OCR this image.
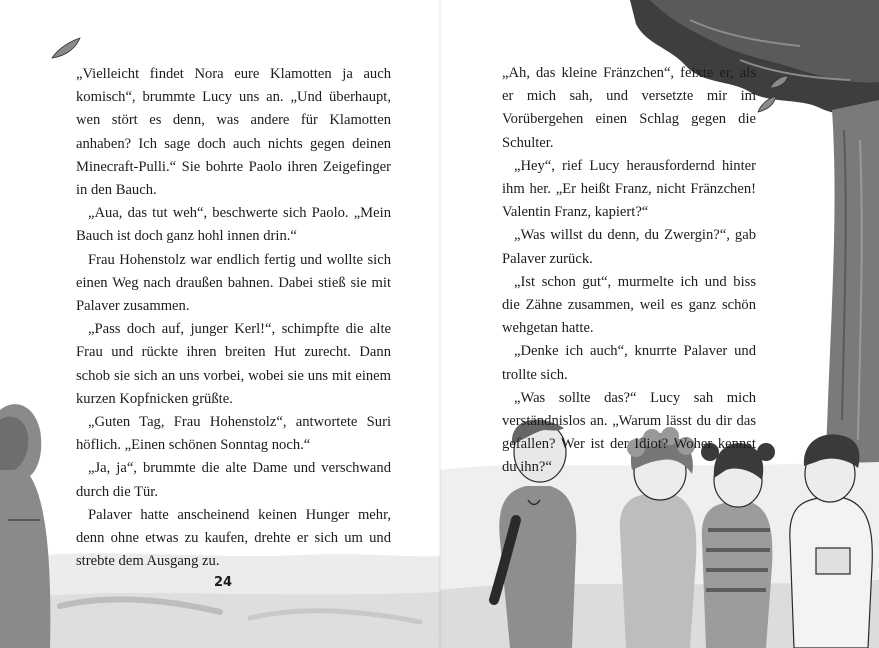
„Vielleicht findet Nora eure Klamotten ja auch komisch“, brummte Lucy uns an. „Und überhaupt, wen stört es denn, was andere für Klamotten anhaben? Ich sage doch auch nichts gegen deinen Minecraft-Pulli.“ Sie bohrte Paolo ihren Zeigefinger in den Bauch.

„Aua, das tut weh“, beschwerte sich Paolo. „Mein Bauch ist doch ganz hohl innen drin.“

Frau Hohenstolz war endlich fertig und wollte sich einen Weg nach draußen bahnen. Dabei stieß sie mit Palaver zusammen.

„Pass doch auf, junger Kerl!“, schimpfte die alte Frau und rückte ihren breiten Hut zurecht. Dann schob sie sich an uns vorbei, wobei sie uns mit einem kurzen Kopfnicken grüßte.

„Guten Tag, Frau Hohenstolz“, antwortete Suri höflich. „Einen schönen Sonntag noch.“

„Ja, ja“, brummte die alte Dame und verschwand durch die Tür.

Palaver hatte anscheinend keinen Hunger mehr, denn ohne etwas zu kaufen, drehte er sich um und strebte dem Ausgang zu.

24

„Ah, das kleine Fränzchen“, feixte er, als er mich sah, und versetzte mir im Vorübergehen einen Schlag gegen die Schulter.

„Hey“, rief Lucy herausfordernd hinter ihm her. „Er heißt Franz, nicht Fränzchen! Valentin Franz, kapiert?“

„Was willst du denn, du Zwergin?“, gab Palaver zurück.

„Ist schon gut“, murmelte ich und biss die Zähne zusammen, weil es ganz schön wehgetan hatte.

„Denke ich auch“, knurrte Palaver und trollte sich.

„Was sollte das?“ Lucy sah mich verständnislos an. „Warum lässt du dir das gefallen? Wer ist der Idiot? Woher kennst du ihn?“
